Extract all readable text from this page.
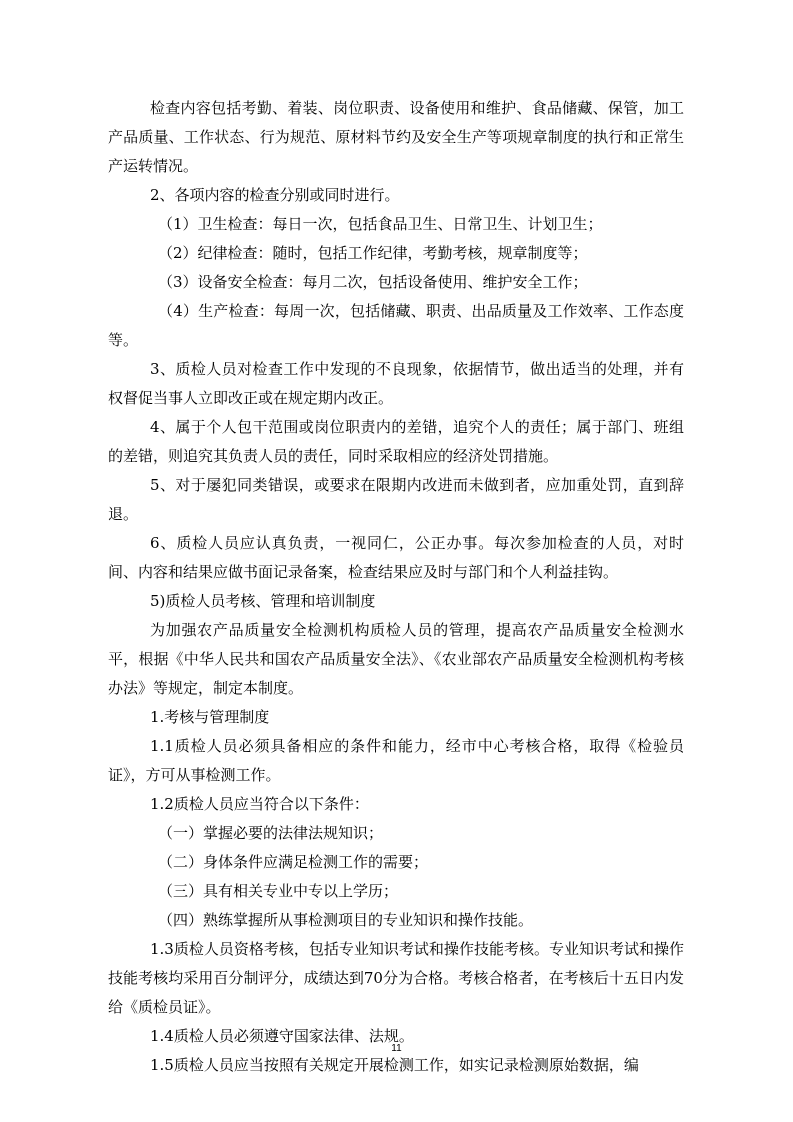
检查内容包括考勤、着装、岗位职责、设备使用和维护、食品储藏、保管，加工产品质量、工作状态、行为规范、原材料节约及安全生产等项规章制度的执行和正常生产运转情况。

2、各项内容的检查分别或同时进行。

（1）卫生检查：每日一次，包括食品卫生、日常卫生、计划卫生；

（2）纪律检查：随时，包括工作纪律，考勤考核，规章制度等；

（3）设备安全检查：每月二次，包括设备使用、维护安全工作；

（4）生产检查：每周一次，包括储藏、职责、出品质量及工作效率、工作态度等。

3、质检人员对检查工作中发现的不良现象，依据情节，做出适当的处理，并有权督促当事人立即改正或在规定期内改正。

4、属于个人包干范围或岗位职责内的差错，追究个人的责任；属于部门、班组的差错，则追究其负责人员的责任，同时采取相应的经济处罚措施。

5、对于屡犯同类错误，或要求在限期内改进而未做到者，应加重处罚，直到辞退。

6、质检人员应认真负责，一视同仁，公正办事。每次参加检查的人员，对时间、内容和结果应做书面记录备案，检查结果应及时与部门和个人利益挂钩。

5)质检人员考核、管理和培训制度

为加强农产品质量安全检测机构质检人员的管理，提高农产品质量安全检测水平，根据《中华人民共和国农产品质量安全法》、《农业部农产品质量安全检测机构考核办法》等规定，制定本制度。

1.考核与管理制度

1.1质检人员必须具备相应的条件和能力，经市中心考核合格，取得《检验员证》，方可从事检测工作。

1.2质检人员应当符合以下条件：

（一）掌握必要的法律法规知识；

（二）身体条件应满足检测工作的需要；

（三）具有相关专业中专以上学历；

（四）熟练掌握所从事检测项目的专业知识和操作技能。

1.3质检人员资格考核，包括专业知识考试和操作技能考核。专业知识考试和操作技能考核均采用百分制评分，成绩达到70分为合格。考核合格者，在考核后十五日内发给《质检员证》。

1.4质检人员必须遵守国家法律、法规。

1.5质检人员应当按照有关规定开展检测工作，如实记录检测原始数据，编

11
